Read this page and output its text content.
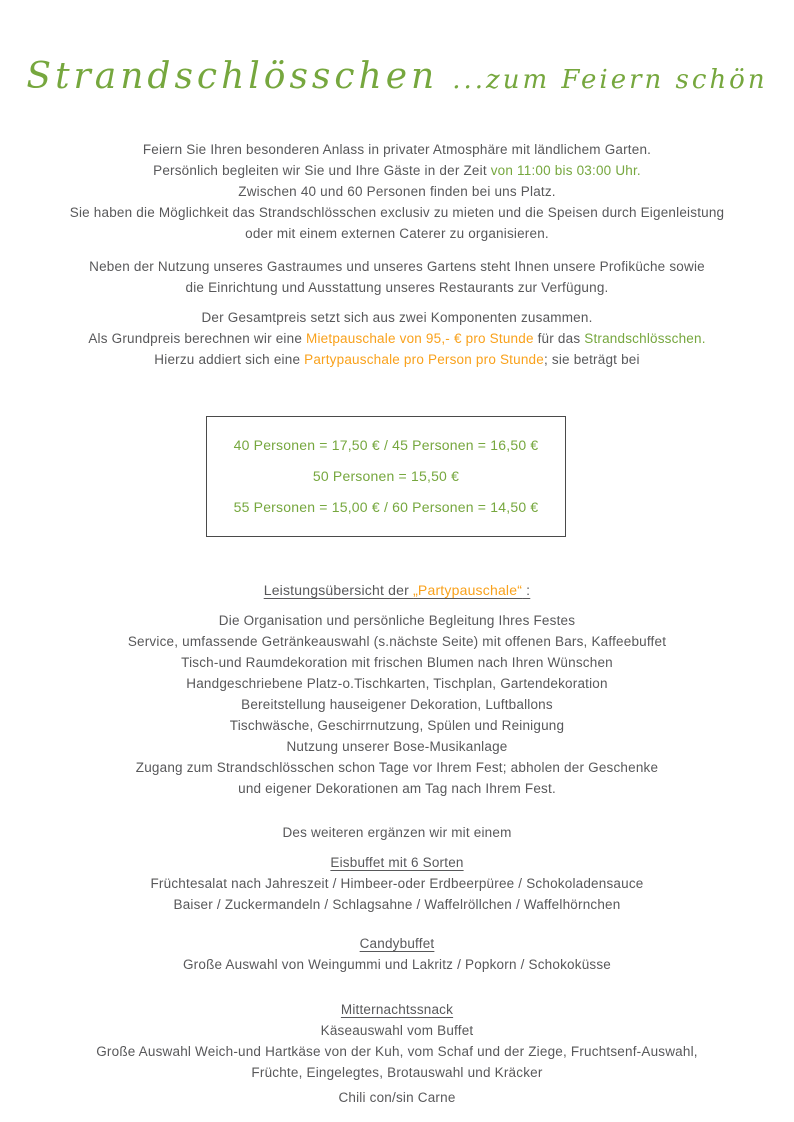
Strandschlösschen ...zum Feiern schön
Feiern Sie Ihren besonderen Anlass in privater Atmosphäre mit ländlichem Garten.
Persönlich begleiten wir Sie und Ihre Gäste in der Zeit von 11:00 bis 03:00 Uhr.
Zwischen 40 und 60 Personen finden bei uns Platz.
Sie haben die Möglichkeit das Strandschlösschen exclusiv zu mieten und die Speisen durch Eigenleistung
oder mit einem externen Caterer zu organisieren.
Neben der Nutzung unseres Gastraumes und unseres Gartens steht Ihnen unsere Profiküche sowie
die Einrichtung und Ausstattung unseres Restaurants zur Verfügung.
Der Gesamtpreis setzt sich aus zwei Komponenten zusammen.
Als Grundpreis berechnen wir eine Mietpauschale von 95,- € pro Stunde für das Strandschlösschen.
Hierzu addiert sich eine Partypauschale pro Person pro Stunde; sie beträgt bei
40 Personen = 17,50 € / 45 Personen = 16,50 €
50 Personen = 15,50 €
55 Personen = 15,00 € / 60 Personen = 14,50 €
Leistungsübersicht der „Partypauschale“ :
Die Organisation und persönliche Begleitung Ihres Festes
Service, umfassende Getränkeauswahl (s.nächste Seite) mit offenen Bars, Kaffeebuffet
Tisch-und Raumdekoration mit frischen Blumen nach Ihren Wünschen
Handgeschriebene Platz-o.Tischkarten, Tischplan, Gartendekoration
Bereitstellung hauseigener Dekoration, Luftballons
Tischwäsche, Geschirrnutzung, Spülen und Reinigung
Nutzung unserer Bose-Musikanlage
Zugang zum Strandschlösschen schon Tage vor Ihrem Fest; abholen der Geschenke
und eigener Dekorationen am Tag nach Ihrem Fest.
Des weiteren ergänzen wir mit einem
Eisbuffet mit 6 Sorten
Früchtesalat nach Jahreszeit / Himbeer-oder Erdbeerpüree / Schokoladensauce
Baiser / Zuckermandeln / Schlagsahne / Waffelröllchen / Waffelhörnchen
Candybuffet
Große Auswahl von Weingummi und Lakritz / Popkorn / Schokoküsse
Mitternachtssnack
Käseauswahl vom Buffet
Große Auswahl Weich-und Hartkäse von der Kuh, vom Schaf und der Ziege, Fruchtsenf-Auswahl,
Früchte, Eingelegtes, Brotauswahl und Kräcker
Chili con/sin Carne
